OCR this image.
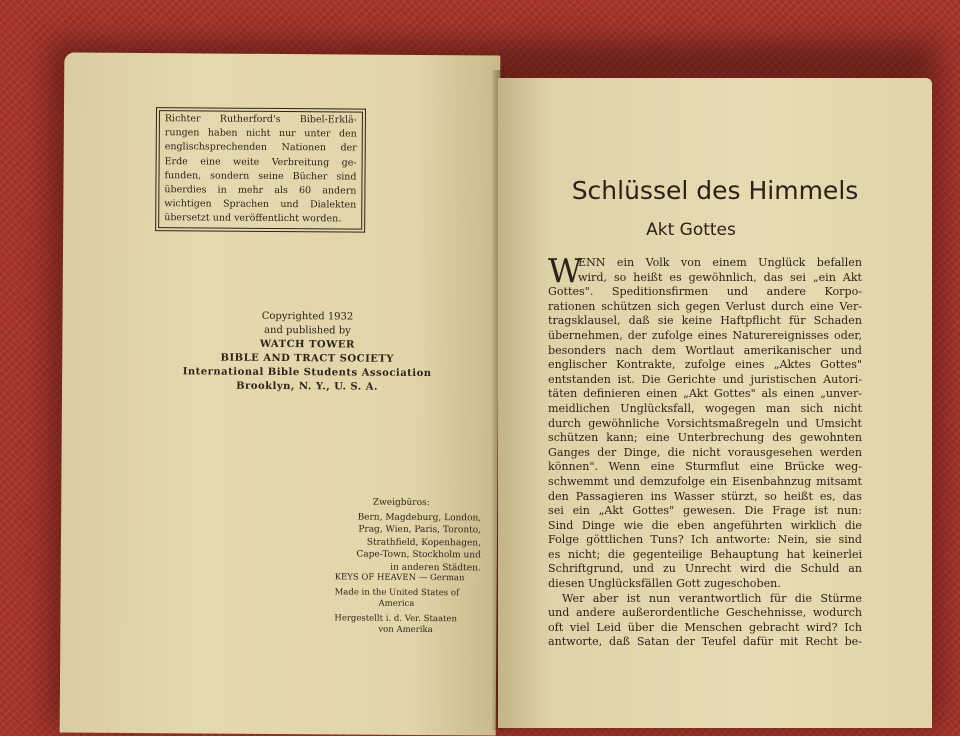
Richter Rutherford's Bibel-Erklä-
rungen haben nicht nur unter den
englischsprechenden Nationen der
Erde eine weite Verbreitung ge-
funden, sondern seine Bücher sind
überdies in mehr als 60 andern
wichtigen Sprachen und Dialekten
übersetzt und veröffentlicht worden.
Copyrighted 1932
and published by
WATCH TOWER
BIBLE AND TRACT SOCIETY
International Bible Students Association
Brooklyn, N. Y., U. S. A.
Zweigbüros:
Bern, Magdeburg, London,
Prag, Wien, Paris, Toronto,
Strathfield, Kopenhagen,
Cape-Town, Stockholm und
in anderen Städten.
KEYS OF HEAVEN — German
Made in the United States of
America
Hergestellt i. d. Ver. Staaten
von Amerika
Schlüssel des Himmels
Akt Gottes
W
ENN ein Volk von einem Unglück befallen
wird, so heißt es gewöhnlich, das sei „ein Akt
Gottes". Speditionsfirmen und andere Korpo-
rationen schützen sich gegen Verlust durch eine Ver-
tragsklausel, daß sie keine Haftpflicht für Schaden
übernehmen, der zufolge eines Naturereignisses oder,
besonders nach dem Wortlaut amerikanischer und
englischer Kontrakte, zufolge eines „Aktes Gottes"
entstanden ist. Die Gerichte und juristischen Autori-
täten definieren einen „Akt Gottes" als einen „unver-
meidlichen Unglücksfall, wogegen man sich nicht
durch gewöhnliche Vorsichtsmaßregeln und Umsicht
schützen kann; eine Unterbrechung des gewohnten
Ganges der Dinge, die nicht vorausgesehen werden
können". Wenn eine Sturmflut eine Brücke weg-
schwemmt und demzufolge ein Eisenbahnzug mitsamt
den Passagieren ins Wasser stürzt, so heißt es, das
sei ein „Akt Gottes" gewesen. Die Frage ist nun:
Sind Dinge wie die eben angeführten wirklich die
Folge göttlichen Tuns? Ich antworte: Nein, sie sind
es nicht; die gegenteilige Behauptung hat keinerlei
Schriftgrund, und zu Unrecht wird die Schuld an
diesen Unglücksfällen Gott zugeschoben.
Wer aber ist nun verantwortlich für die Stürme
und andere außerordentliche Geschehnisse, wodurch
oft viel Leid über die Menschen gebracht wird? Ich
antworte, daß Satan der Teufel dafür mit Recht be-
